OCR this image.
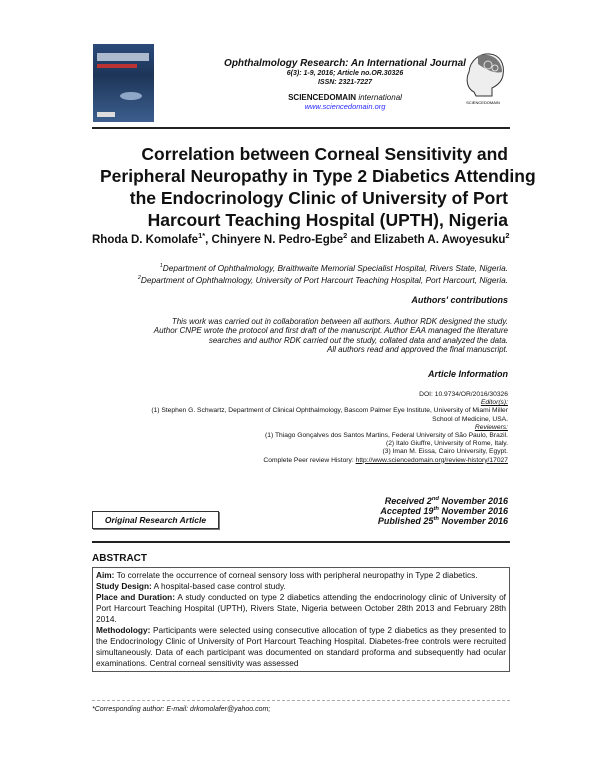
Ophthalmology Research: An International Journal
6(3): 1-9, 2016; Article no.OR.30326
ISSN: 2321-7227
SCIENCEDOMAIN international
www.sciencedomain.org	SCIENCEDOMAIN
Correlation between Corneal Sensitivity and
Peripheral Neuropathy in Type 2 Diabetics Attending
the Endocrinology Clinic of University of Port
Harcourt Teaching Hospital (UPTH), Nigeria
Rhoda D. Komolafe$^{1*}$, Chinyere N. Pedro-Egbe$^2$ and Elizabeth A. Awoyesuku$^2$
$^1$Department of Ophthalmology, Braithwaite Memorial Specialist Hospital, Rivers State, Nigeria.
$^2$Department of Ophthalmology, University of Port Harcourt Teaching Hospital, Port Harcourt, Nigeria.
Authors' contributions
This work was carried out in collaboration between all authors. Author RDK designed the study.
Author CNPE wrote the protocol and first draft of the manuscript. Author EAA managed the literature
searches and author RDK carried out the study, collated data and analyzed the data.
All authors read and approved the final manuscript.
Article Information
DOI: 10.9734/OR/2016/30326
Editor(s):
(1) Stephen G. Schwartz, Department of Clinical Ophthalmology, Bascom Palmer Eye Institute, University of Miami Miller
School of Medicine, USA.
Reviewers:
(1) Thiago Gonçalves dos Santos Martins, Federal University of São Paulo, Brazil.
(2) Italo Giuffre, University of Rome, Italy.
(3) Iman M. Eissa, Cairo University, Egypt.
Complete Peer review History: http://www.sciencedomain.org/review-history/17027
Original Research Article
Received 2nd November 2016
Accepted 19th November 2016
Published 25th November 2016
ABSTRACT
Aim: To correlate the occurrence of corneal sensory loss with peripheral neuropathy in Type 2 diabetics.
Study Design: A hospital-based case control study.
Place and Duration: A study conducted on type 2 diabetics attending the endocrinology clinic of University of Port Harcourt Teaching Hospital (UPTH), Rivers State, Nigeria between October 28th 2013 and February 28th 2014.
Methodology: Participants were selected using consecutive allocation of type 2 diabetics as they presented to the Endocrinology Clinic of University of Port Harcourt Teaching Hospital. Diabetes-free controls were recruited simultaneously. Data of each participant was documented on standard proforma and subsequently had ocular examinations. Central corneal sensitivity was assessed
*Corresponding author: E-mail: drkomolafer@yahoo.com;
